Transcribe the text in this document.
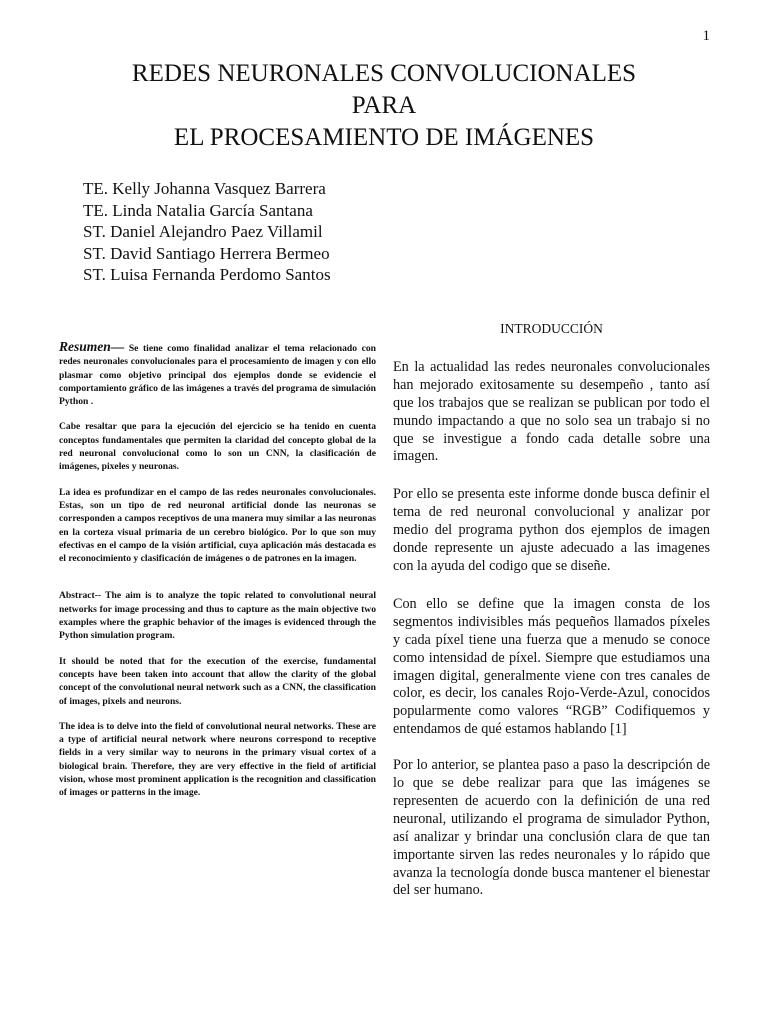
1
REDES NEURONALES CONVOLUCIONALES
PARA
EL PROCESAMIENTO DE IMÁGENES
TE. Kelly Johanna Vasquez Barrera
TE. Linda Natalia García Santana
ST. Daniel Alejandro Paez Villamil
ST. David Santiago Herrera Bermeo
ST. Luisa Fernanda Perdomo Santos

Resumen— Se tiene como finalidad analizar el tema relacionado con redes neuronales convolucionales para el procesamiento de imagen y con ello plasmar como objetivo principal dos ejemplos donde se evidencie el comportamiento gráfico de las imágenes a través del programa de simulación Python .

Cabe resaltar que para la ejecución del ejercicio se ha tenido en cuenta conceptos fundamentales que permiten la claridad del concepto global de la red neuronal convolucional como lo son un CNN, la clasificación de imágenes, pixeles y neuronas.

La idea es profundizar en el campo de las redes neuronales convolucionales. Estas, son un tipo de red neuronal artificial donde las neuronas se corresponden a campos receptivos de una manera muy similar a las neuronas en la corteza visual primaria de un cerebro biológico. Por lo que son muy efectivas en el campo de la visión artificial, cuya aplicación más destacada es el reconocimiento y clasificación de imágenes o de patrones en la imagen.

Abstract-- The aim is to analyze the topic related to convolutional neural networks for image processing and thus to capture as the main objective two examples where the graphic behavior of the images is evidenced through the Python simulation program.

It should be noted that for the execution of the exercise, fundamental concepts have been taken into account that allow the clarity of the global concept of the convolutional neural network such as a CNN, the classification of images, pixels and neurons.

The idea is to delve into the field of convolutional neural networks. These are a type of artificial neural network where neurons correspond to receptive fields in a very similar way to neurons in the primary visual cortex of a biological brain. Therefore, they are very effective in the field of artificial vision, whose most prominent application is the recognition and classification of images or patterns in the image.

INTRODUCCIÓN

En la actualidad las redes neuronales convolucionales han mejorado exitosamente su desempeño , tanto así que los trabajos que se realizan se publican por todo el mundo impactando a que no solo sea un trabajo si no que se investigue a fondo cada detalle sobre una imagen.

Por ello se presenta este informe donde busca definir el tema de red neuronal convolucional y analizar por medio del programa python dos ejemplos de imagen donde represente un ajuste adecuado a las imagenes con la ayuda del codigo que se diseñe.

Con ello se define que la imagen consta de los segmentos indivisibles más pequeños llamados píxeles y cada píxel tiene una fuerza que a menudo se conoce como intensidad de píxel. Siempre que estudiamos una imagen digital, generalmente viene con tres canales de color, es decir, los canales Rojo-Verde-Azul, conocidos popularmente como valores “RGB” Codifiquemos y entendamos de qué estamos hablando [1]

Por lo anterior, se plantea paso a paso la descripción de lo que se debe realizar para que las imágenes se representen de acuerdo con la definición de una red neuronal, utilizando el programa de simulador Python, así analizar y brindar una conclusión clara de que tan importante sirven las redes neuronales y lo rápido que avanza la tecnología donde busca mantener el bienestar del ser humano.
